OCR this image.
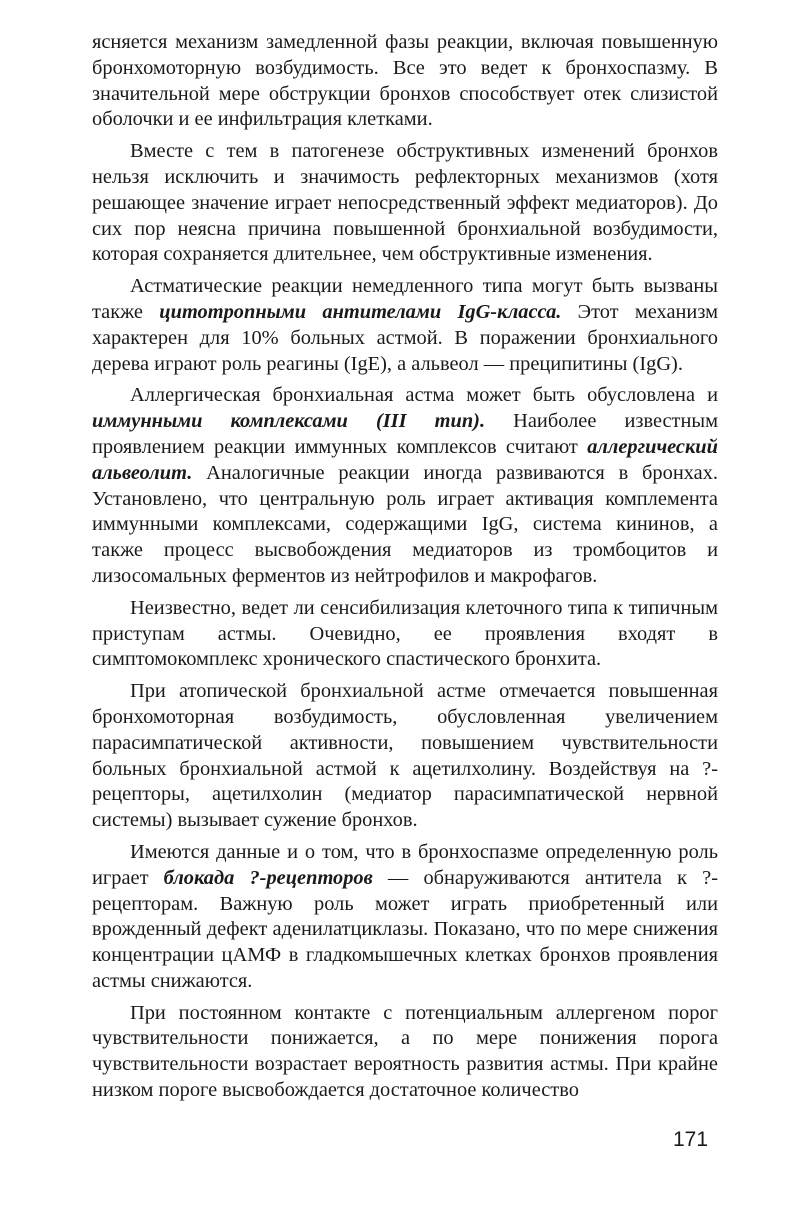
ясняется механизм замедленной фазы реакции, включая повышенную бронхомоторную возбудимость. Все это ведет к бронхоспазму. В значительной мере обструкции бронхов способствует отек слизистой оболочки и ее инфильтрация клетками.

Вместе с тем в патогенезе обструктивных изменений бронхов нельзя исключить и значимость рефлекторных механизмов (хотя решающее значение играет непосредственный эффект медиаторов). До сих пор неясна причина повышенной бронхиальной возбудимости, которая сохраняется длительнее, чем обструктивные изменения.

Астматические реакции немедленного типа могут быть вызваны также цитотропными антителами IgG-класса. Этот механизм характерен для 10% больных астмой. В поражении бронхиального дерева играют роль реагины (IgE), а альвеол — преципитины (IgG).

Аллергическая бронхиальная астма может быть обусловлена и иммунными комплексами (III тип). Наиболее известным проявлением реакции иммунных комплексов считают аллергический альвеолит. Аналогичные реакции иногда развиваются в бронхах. Установлено, что центральную роль играет активация комплемента иммунными комплексами, содержащими IgG, система кининов, а также процесс высвобождения медиаторов из тромбоцитов и лизосомальных ферментов из нейтрофилов и макрофагов.

Неизвестно, ведет ли сенсибилизация клеточного типа к типичным приступам астмы. Очевидно, ее проявления входят в симптомокомплекс хронического спастического бронхита.

При атопической бронхиальной астме отмечается повышенная бронхомоторная возбудимость, обусловленная увеличением парасимпатической активности, повышением чувствительности больных бронхиальной астмой к ацетилхолину. Воздействуя на ?-рецепторы, ацетилхолин (медиатор парасимпатической нервной системы) вызывает сужение бронхов.

Имеются данные и о том, что в бронхоспазме определенную роль играет блокада ?-рецепторов — обнаруживаются антитела к ?-рецепторам. Важную роль может играть приобретенный или врожденный дефект аденилатциклазы. Показано, что по мере снижения концентрации цАМФ в гладкомышечных клетках бронхов проявления астмы снижаются.

При постоянном контакте с потенциальным аллергеном порог чувствительности понижается, а по мере понижения порога чувствительности возрастает вероятность развития астмы. При крайне низком пороге высвобождается достаточное количество

171
